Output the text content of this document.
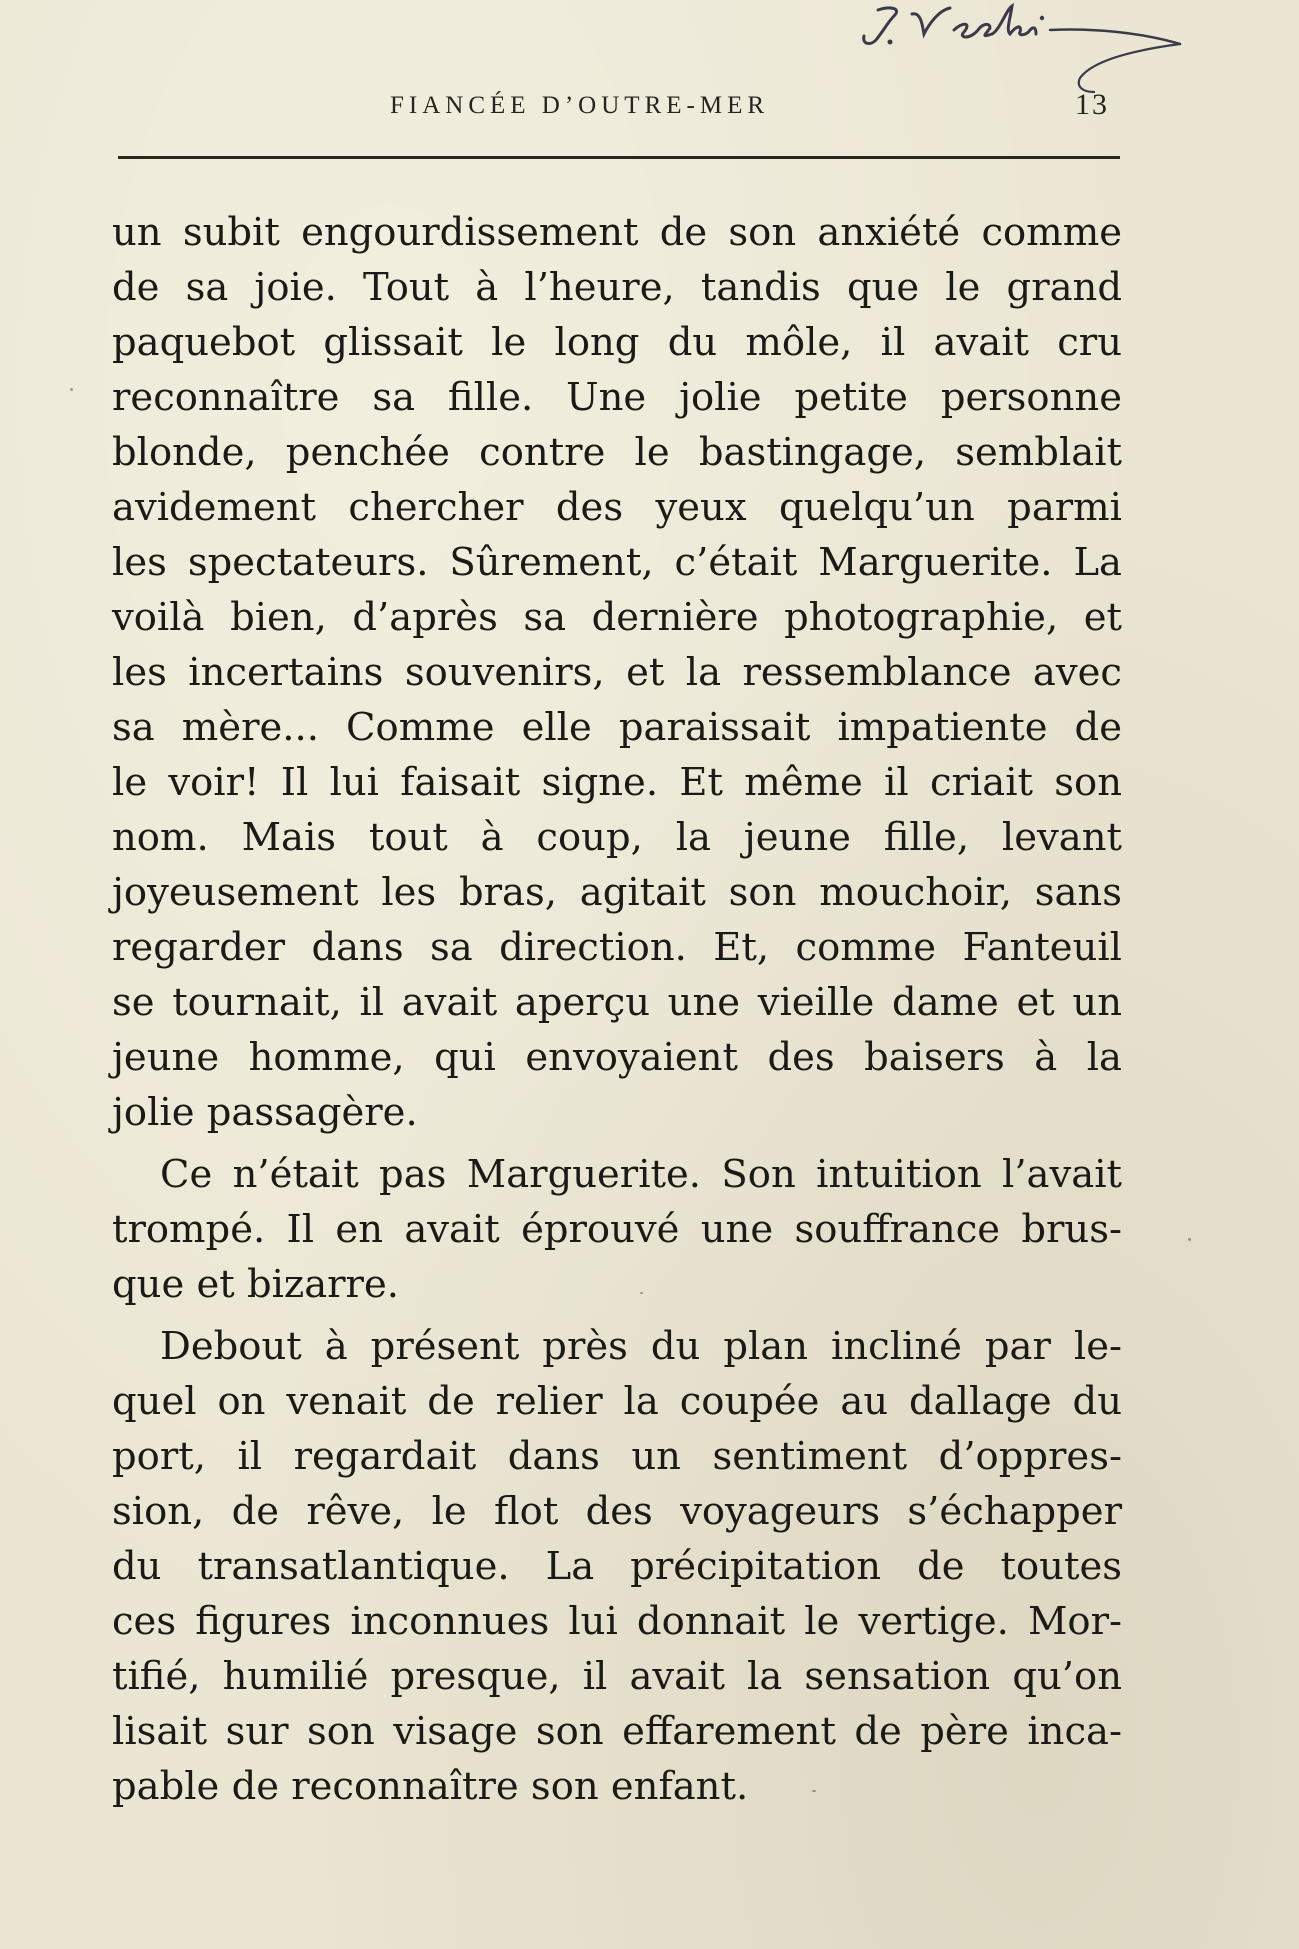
FIANCÉE D’OUTRE-MER	13
un subit engourdissement de son anxiété comme
de sa joie. Tout à l’heure, tandis que le grand
paquebot glissait le long du môle, il avait cru
reconnaître sa fille. Une jolie petite personne
blonde, penchée contre le bastingage, semblait
avidement chercher des yeux quelqu’un parmi
les spectateurs. Sûrement, c’était Marguerite. La
voilà bien, d’après sa dernière photographie, et
les incertains souvenirs, et la ressemblance avec
sa mère... Comme elle paraissait impatiente de
le voir! Il lui faisait signe. Et même il criait son
nom. Mais tout à coup, la jeune fille, levant
joyeusement les bras, agitait son mouchoir, sans
regarder dans sa direction. Et, comme Fanteuil
se tournait, il avait aperçu une vieille dame et un
jeune homme, qui envoyaient des baisers à la
jolie passagère.
Ce n’était pas Marguerite. Son intuition l’avait
trompé. Il en avait éprouvé une souffrance brus-
que et bizarre.
Debout à présent près du plan incliné par le-
quel on venait de relier la coupée au dallage du
port, il regardait dans un sentiment d’oppres-
sion, de rêve, le flot des voyageurs s’échapper
du transatlantique. La précipitation de toutes
ces figures inconnues lui donnait le vertige. Mor-
tifié, humilié presque, il avait la sensation qu’on
lisait sur son visage son effarement de père inca-
pable de reconnaître son enfant.
